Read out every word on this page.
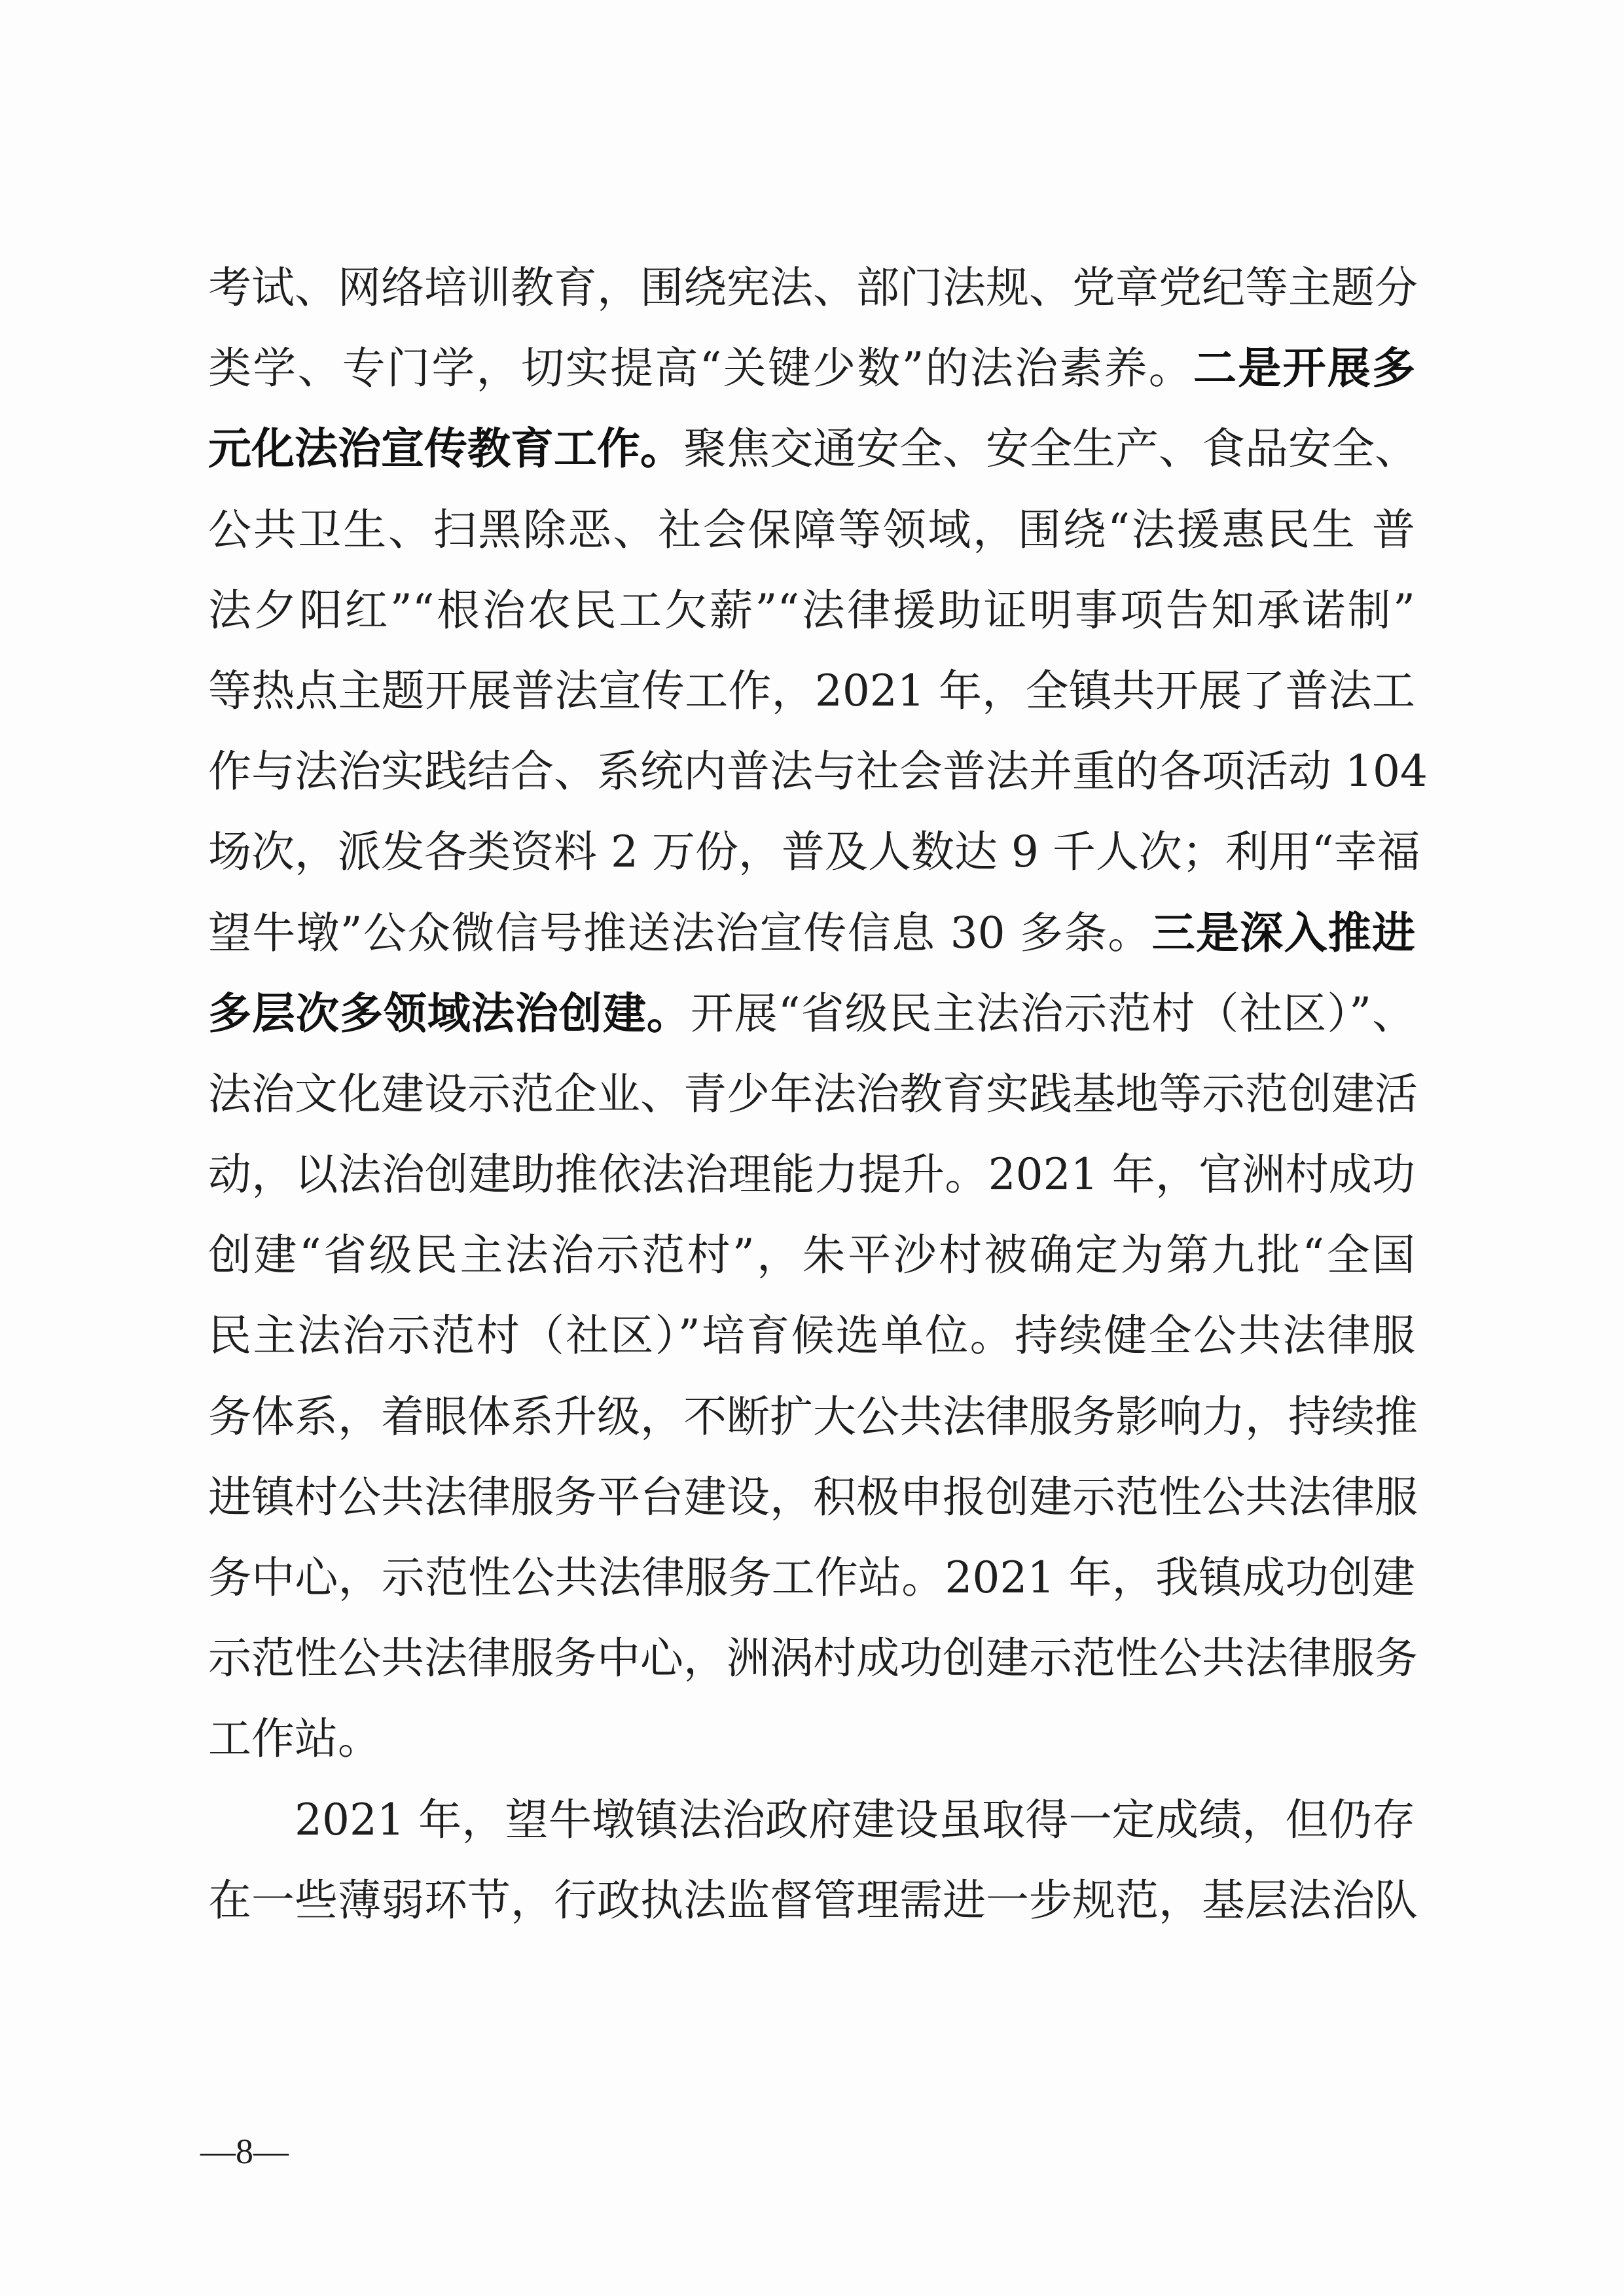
考试、网络培训教育，围绕宪法、部门法规、党章党纪等主题分
类学、专门学，切实提高“关键少数”的法治素养。二是开展多
元化法治宣传教育工作。聚焦交通安全、安全生产、食品安全、
公共卫生、扫黑除恶、社会保障等领域，围绕“法援惠民生 普
法夕阳红”“根治农民工欠薪”“法律援助证明事项告知承诺制”
等热点主题开展普法宣传工作，2021 年，全镇共开展了普法工
作与法治实践结合、系统内普法与社会普法并重的各项活动 104
场次，派发各类资料 2 万份，普及人数达 9 千人次；利用“幸福
望牛墩”公众微信号推送法治宣传信息 30 多条。三是深入推进
多层次多领域法治创建。开展“省级民主法治示范村（社区）”、
法治文化建设示范企业、青少年法治教育实践基地等示范创建活
动，以法治创建助推依法治理能力提升。2021 年，官洲村成功
创建“省级民主法治示范村”，朱平沙村被确定为第九批“全国
民主法治示范村（社区）”培育候选单位。持续健全公共法律服
务体系，着眼体系升级，不断扩大公共法律服务影响力，持续推
进镇村公共法律服务平台建设，积极申报创建示范性公共法律服
务中心，示范性公共法律服务工作站。2021 年，我镇成功创建
示范性公共法律服务中心，洲涡村成功创建示范性公共法律服务
工作站。
2021 年，望牛墩镇法治政府建设虽取得一定成绩，但仍存
在一些薄弱环节，行政执法监督管理需进一步规范，基层法治队
—8—
